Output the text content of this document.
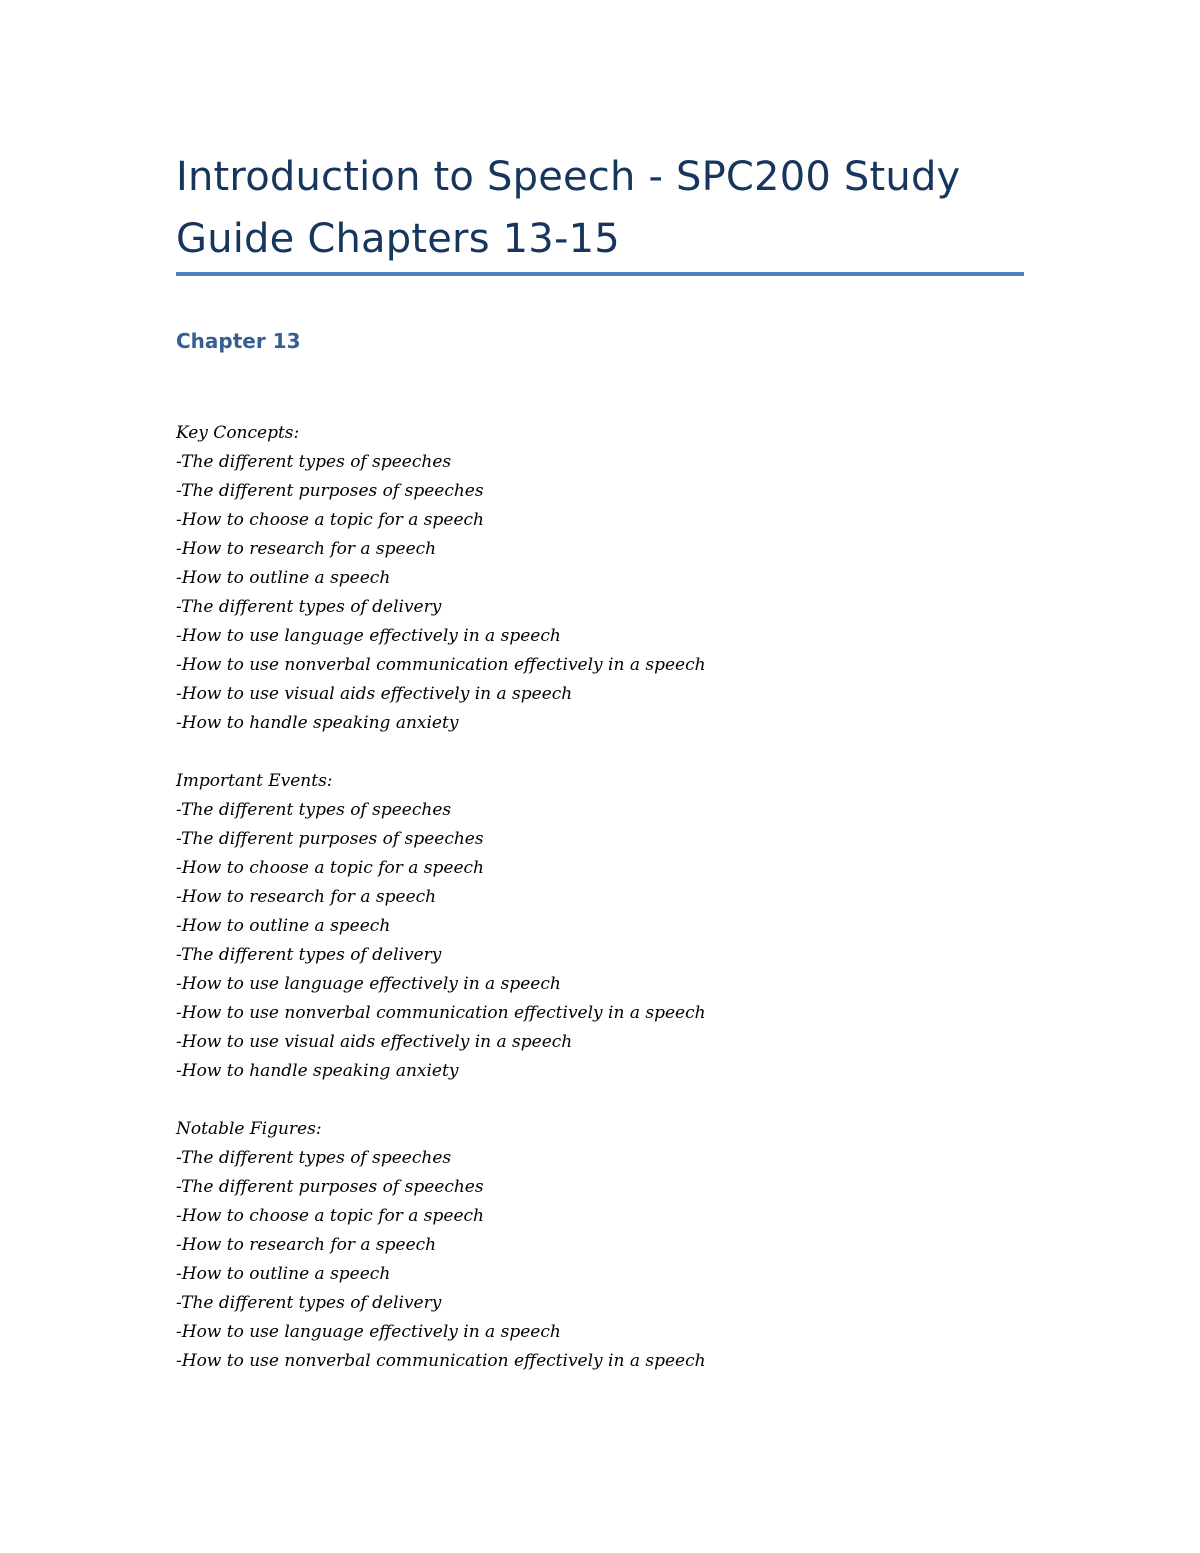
Introduction to Speech - SPC200 Study
Guide Chapters 13-15
Chapter 13
Key Concepts:
-The different types of speeches
-The different purposes of speeches
-How to choose a topic for a speech
-How to research for a speech
-How to outline a speech
-The different types of delivery
-How to use language effectively in a speech
-How to use nonverbal communication effectively in a speech
-How to use visual aids effectively in a speech
-How to handle speaking anxiety
Important Events:
-The different types of speeches
-The different purposes of speeches
-How to choose a topic for a speech
-How to research for a speech
-How to outline a speech
-The different types of delivery
-How to use language effectively in a speech
-How to use nonverbal communication effectively in a speech
-How to use visual aids effectively in a speech
-How to handle speaking anxiety
Notable Figures:
-The different types of speeches
-The different purposes of speeches
-How to choose a topic for a speech
-How to research for a speech
-How to outline a speech
-The different types of delivery
-How to use language effectively in a speech
-How to use nonverbal communication effectively in a speech
